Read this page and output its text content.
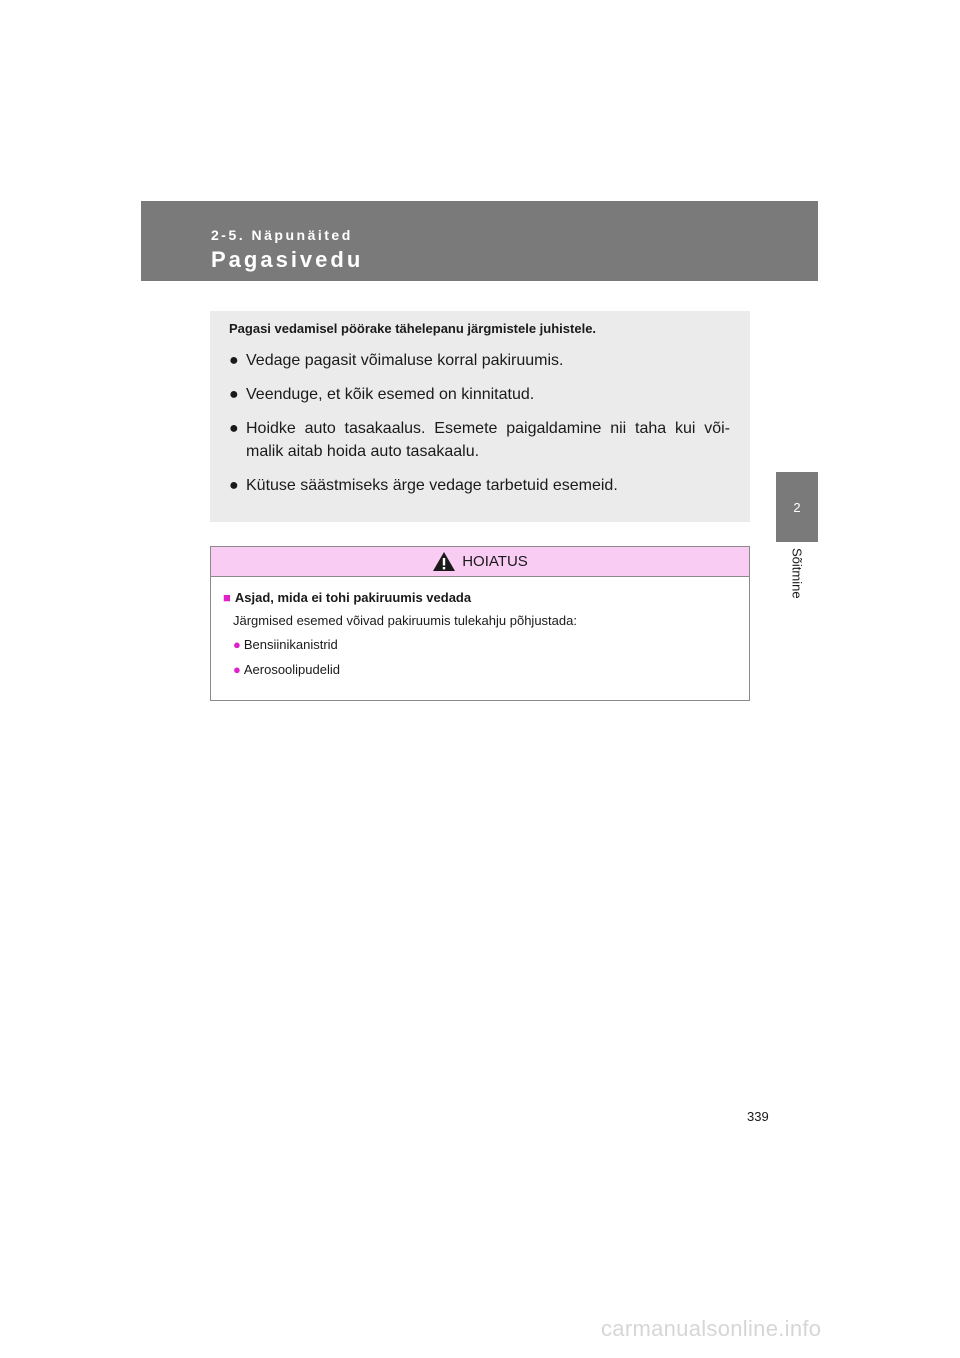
2-5. Näpunäited
Pagasivedu
2
Sõitmine

Pagasi vedamisel pöörake tähelepanu järgmistele juhistele.

● Vedage pagasit võimaluse korral pakiruumis.
● Veenduge, et kõik esemed on kinnitatud.
● Hoidke auto tasakaalus. Esemete paigaldamine nii taha kui või-malik aitab hoida auto tasakaalu.
● Kütuse säästmiseks ärge vedage tarbetuid esemeid.
HOIATUS
■ Asjad, mida ei tohi pakiruumis vedada
Järgmised esemed võivad pakiruumis tulekahju põhjustada:
● Bensiinikanistrid
● Aerosoolipudelid
339
carmanualsonline.info
